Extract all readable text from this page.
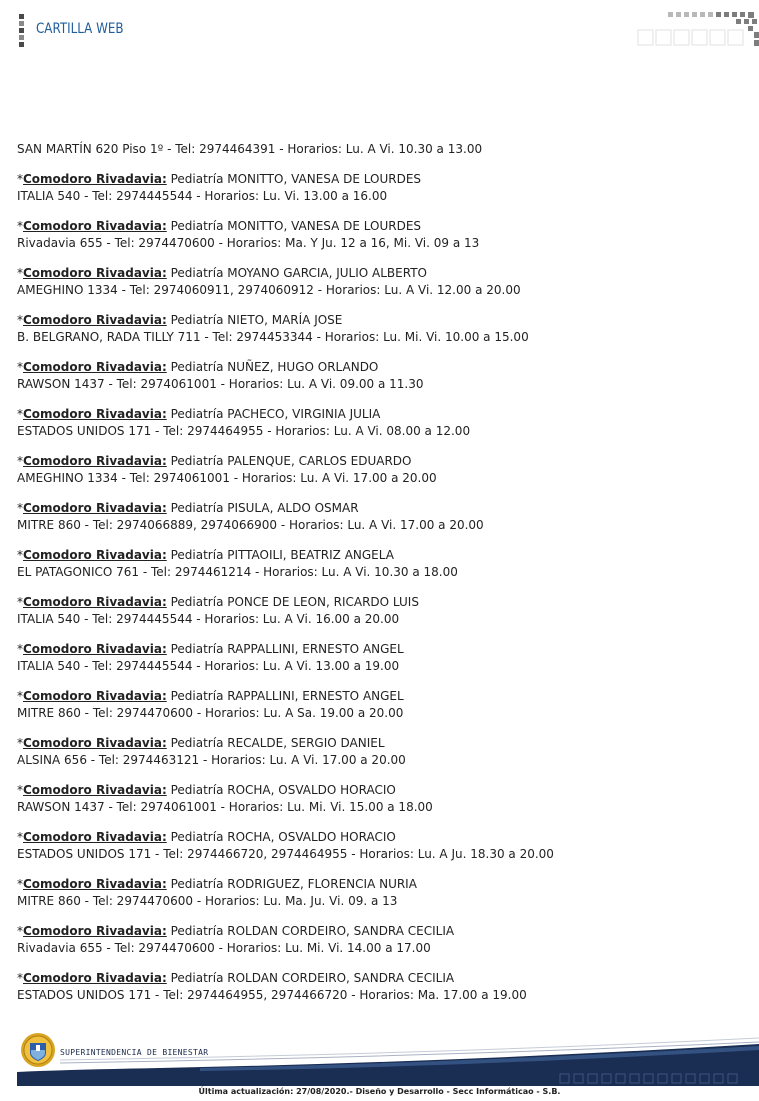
CARTILLA WEB

SAN MARTÍN 620 Piso 1º - Tel: 2974464391 - Horarios: Lu. A Vi. 10.30 a 13.00

*Comodoro Rivadavia: Pediatría MONITTO, VANESA DE LOURDES

ITALIA 540 - Tel: 2974445544 - Horarios: Lu. Vi. 13.00 a 16.00

*Comodoro Rivadavia: Pediatría MONITTO, VANESA DE LOURDES

Rivadavia 655 - Tel: 2974470600 - Horarios: Ma. Y Ju. 12 a 16, Mi. Vi. 09 a 13

*Comodoro Rivadavia: Pediatría MOYANO GARCIA, JULIO ALBERTO

AMEGHINO 1334 - Tel: 2974060911, 2974060912 - Horarios: Lu. A Vi. 12.00 a 20.00

*Comodoro Rivadavia: Pediatría NIETO, MARÍA JOSE

B. BELGRANO, RADA TILLY 711 - Tel: 2974453344 - Horarios: Lu. Mi. Vi. 10.00 a 15.00

*Comodoro Rivadavia: Pediatría NUÑEZ, HUGO ORLANDO

RAWSON 1437 - Tel: 2974061001 - Horarios: Lu. A Vi. 09.00 a 11.30

*Comodoro Rivadavia: Pediatría PACHECO, VIRGINIA JULIA

ESTADOS UNIDOS 171 - Tel: 2974464955 - Horarios: Lu. A Vi. 08.00 a 12.00

*Comodoro Rivadavia: Pediatría PALENQUE, CARLOS EDUARDO

AMEGHINO 1334 - Tel: 2974061001 - Horarios: Lu. A Vi. 17.00 a 20.00

*Comodoro Rivadavia: Pediatría PISULA, ALDO OSMAR

MITRE 860 - Tel: 2974066889, 2974066900 - Horarios: Lu. A Vi. 17.00 a 20.00

*Comodoro Rivadavia: Pediatría PITTAOILI, BEATRIZ ANGELA

EL PATAGONICO 761 - Tel: 2974461214 - Horarios: Lu. A Vi. 10.30 a 18.00

*Comodoro Rivadavia: Pediatría PONCE DE LEON, RICARDO LUIS

ITALIA 540 - Tel: 2974445544 - Horarios: Lu. A Vi. 16.00 a 20.00

*Comodoro Rivadavia: Pediatría RAPPALLINI, ERNESTO ANGEL

ITALIA 540 - Tel: 2974445544 - Horarios: Lu. A Vi. 13.00 a 19.00

*Comodoro Rivadavia: Pediatría RAPPALLINI, ERNESTO ANGEL

MITRE 860 - Tel: 2974470600 - Horarios: Lu. A Sa. 19.00 a 20.00

*Comodoro Rivadavia: Pediatría RECALDE, SERGIO DANIEL

ALSINA 656 - Tel: 2974463121 - Horarios: Lu. A Vi. 17.00 a 20.00

*Comodoro Rivadavia: Pediatría ROCHA, OSVALDO HORACIO

RAWSON 1437 - Tel: 2974061001 - Horarios: Lu. Mi. Vi. 15.00 a 18.00

*Comodoro Rivadavia: Pediatría ROCHA, OSVALDO HORACIO

ESTADOS UNIDOS 171 - Tel: 2974466720, 2974464955 - Horarios: Lu. A Ju. 18.30 a 20.00

*Comodoro Rivadavia: Pediatría RODRIGUEZ, FLORENCIA NURIA

MITRE 860 - Tel: 2974470600 - Horarios: Lu. Ma. Ju. Vi. 09. a 13

*Comodoro Rivadavia: Pediatría ROLDAN CORDEIRO, SANDRA CECILIA

Rivadavia 655 - Tel: 2974470600 - Horarios: Lu. Mi. Vi. 14.00 a 17.00

*Comodoro Rivadavia: Pediatría ROLDAN CORDEIRO, SANDRA CECILIA

ESTADOS UNIDOS 171 - Tel: 2974464955, 2974466720 - Horarios: Ma. 17.00 a 19.00

SUPERINTENDENCIA DE BIENESTAR
Última actualización: 27/08/2020.- Diseño y Desarrollo - Secc Informáticao - S.B.
